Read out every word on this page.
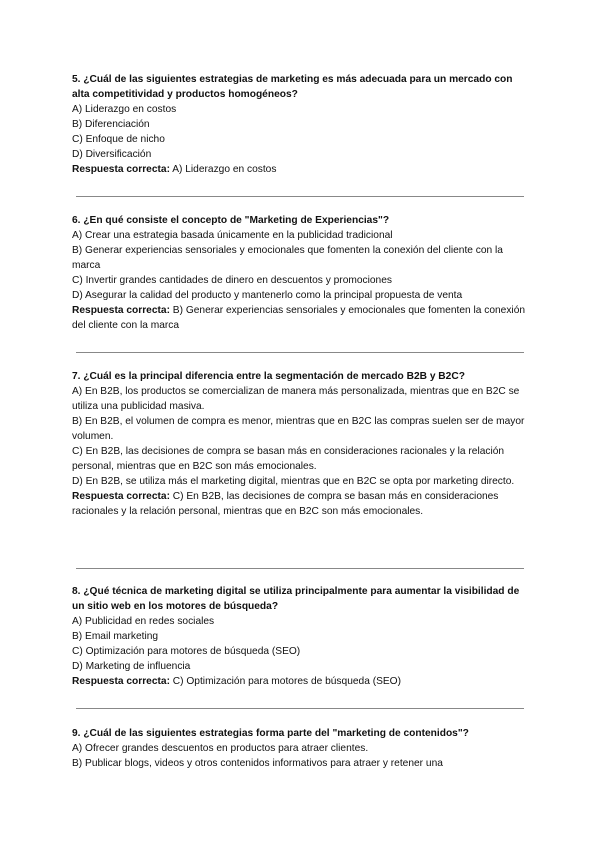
5. ¿Cuál de las siguientes estrategias de marketing es más adecuada para un mercado con alta competitividad y productos homogéneos?

A) Liderazgo en costos

B) Diferenciación

C) Enfoque de nicho

D) Diversificación

Respuesta correcta: A) Liderazgo en costos

6. ¿En qué consiste el concepto de "Marketing de Experiencias"?

A) Crear una estrategia basada únicamente en la publicidad tradicional

B) Generar experiencias sensoriales y emocionales que fomenten la conexión del cliente con la marca

C) Invertir grandes cantidades de dinero en descuentos y promociones

D) Asegurar la calidad del producto y mantenerlo como la principal propuesta de venta

Respuesta correcta: B) Generar experiencias sensoriales y emocionales que fomenten la conexión del cliente con la marca

7. ¿Cuál es la principal diferencia entre la segmentación de mercado B2B y B2C?

A) En B2B, los productos se comercializan de manera más personalizada, mientras que en B2C se utiliza una publicidad masiva.

B) En B2B, el volumen de compra es menor, mientras que en B2C las compras suelen ser de mayor volumen.

C) En B2B, las decisiones de compra se basan más en consideraciones racionales y la relación personal, mientras que en B2C son más emocionales.

D) En B2B, se utiliza más el marketing digital, mientras que en B2C se opta por marketing directo.

Respuesta correcta: C) En B2B, las decisiones de compra se basan más en consideraciones racionales y la relación personal, mientras que en B2C son más emocionales.

8. ¿Qué técnica de marketing digital se utiliza principalmente para aumentar la visibilidad de un sitio web en los motores de búsqueda?

A) Publicidad en redes sociales

B) Email marketing

C) Optimización para motores de búsqueda (SEO)

D) Marketing de influencia

Respuesta correcta: C) Optimización para motores de búsqueda (SEO)

9. ¿Cuál de las siguientes estrategias forma parte del "marketing de contenidos"?

A) Ofrecer grandes descuentos en productos para atraer clientes.

B) Publicar blogs, videos y otros contenidos informativos para atraer y retener una
